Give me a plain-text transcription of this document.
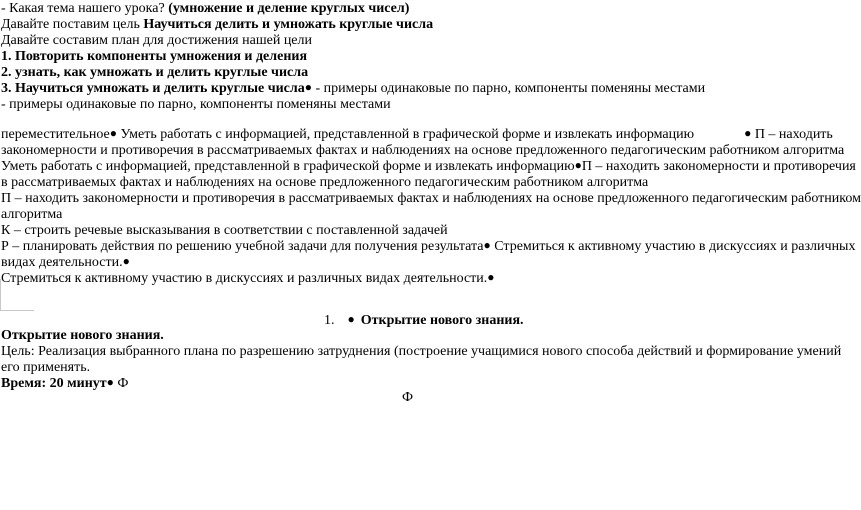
- Какая тема нашего урока? (умножение и деление круглых чисел)
Давайте поставим цель Научиться делить и умножать круглые числа
Давайте составим план для достижения нашей цели
1. Повторить компоненты умножения и деления
2. узнать, как умножать и делить круглые числа
3. Научиться умножать и делить круглые числа● - примеры одинаковые по парно, компоненты поменяны местами
- примеры одинаковые по парно, компоненты поменяны местами
переместительное● Уметь работать с информацией, представленной в графической форме и извлекать информацию	● П – находить
закономерности и противоречия в рассматриваемых фактах и наблюдениях на основе предложенного педагогическим работником алгоритма
Уметь работать с информацией, представленной в графической форме и извлекать информацию●П – находить закономерности и противоречия
в рассматриваемых фактах и наблюдениях на основе предложенного педагогическим работником алгоритма
П – находить закономерности и противоречия в рассматриваемых фактах и наблюдениях на основе предложенного педагогическим работником
алгоритма
К – строить речевые высказывания в соответствии с поставленной задачей
Р – планировать действия по решению учебной задачи для получения результата● Стремиться к активному участию в дискуссиях и различных
видах деятельности.●
Стремиться к активному участию в дискуссиях и различных видах деятельности.●
1. ● Открытие нового знания.
Открытие нового знания.
Цель: Реализация выбранного плана по разрешению затруднения (построение учащимися нового способа действий и формирование умений
его применять.
Время: 20 минут● Ф
Ф
